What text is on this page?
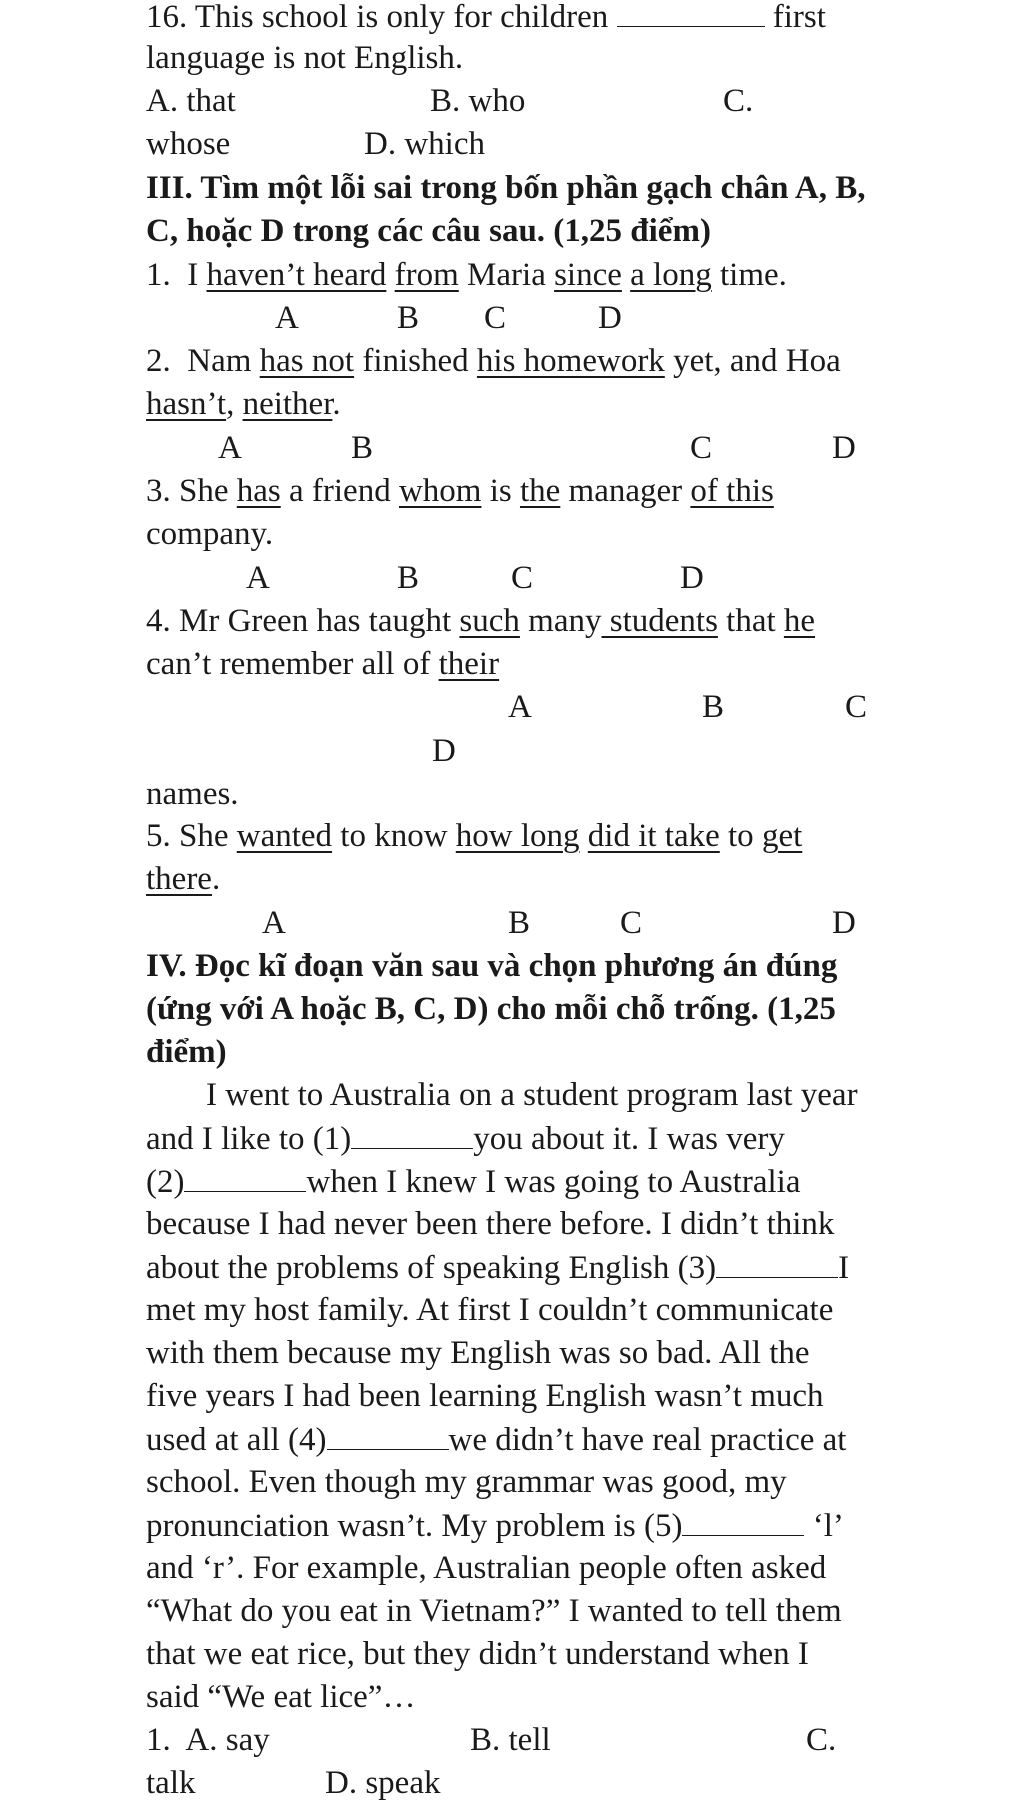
16. This school is only for children	first
language is not English.
A. that	B. who	C.
whose	D. which
III. Tìm một lỗi sai trong bốn phần gạch chân A, B,
C, hoặc D trong các câu sau. (1,25 điểm)
1.  I haven’t heard from Maria since a long time.
A	B C	D
2.  Nam has not finished his homework yet, and Hoa
hasn’t, neither.
A	B	C	D
3. She has a friend whom is the manager of this
company.
A	B	C	D
4. Mr Green has taught such many students that he
can’t remember all of their
A	B	C
D
names.
5. She wanted to know how long did it take to get
there.
A	B	C	D
IV. Đọc kĩ đoạn văn sau và chọn phương án đúng
(ứng với A hoặc B, C, D) cho mỗi chỗ trống. (1,25
điểm)
I went to Australia on a student program last year
and I like to (1)	you about it. I was very
(2)	when I knew I was going to Australia
because I had never been there before. I didn’t think
about the problems of speaking English (3)	I
met my host family. At first I couldn’t communicate
with them because my English was so bad. All the
five years I had been learning English wasn’t much
used at all (4)	we didn’t have real practice at
school. Even though my grammar was good, my
pronunciation wasn’t. My problem is (5)	‘l’
and ‘r’. For example, Australian people often asked
“What do you eat in Vietnam?” I wanted to tell them
that we eat rice, but they didn’t understand when I
said “We eat lice”…
1.  A. say	B. tell	C.
talk	D. speak
